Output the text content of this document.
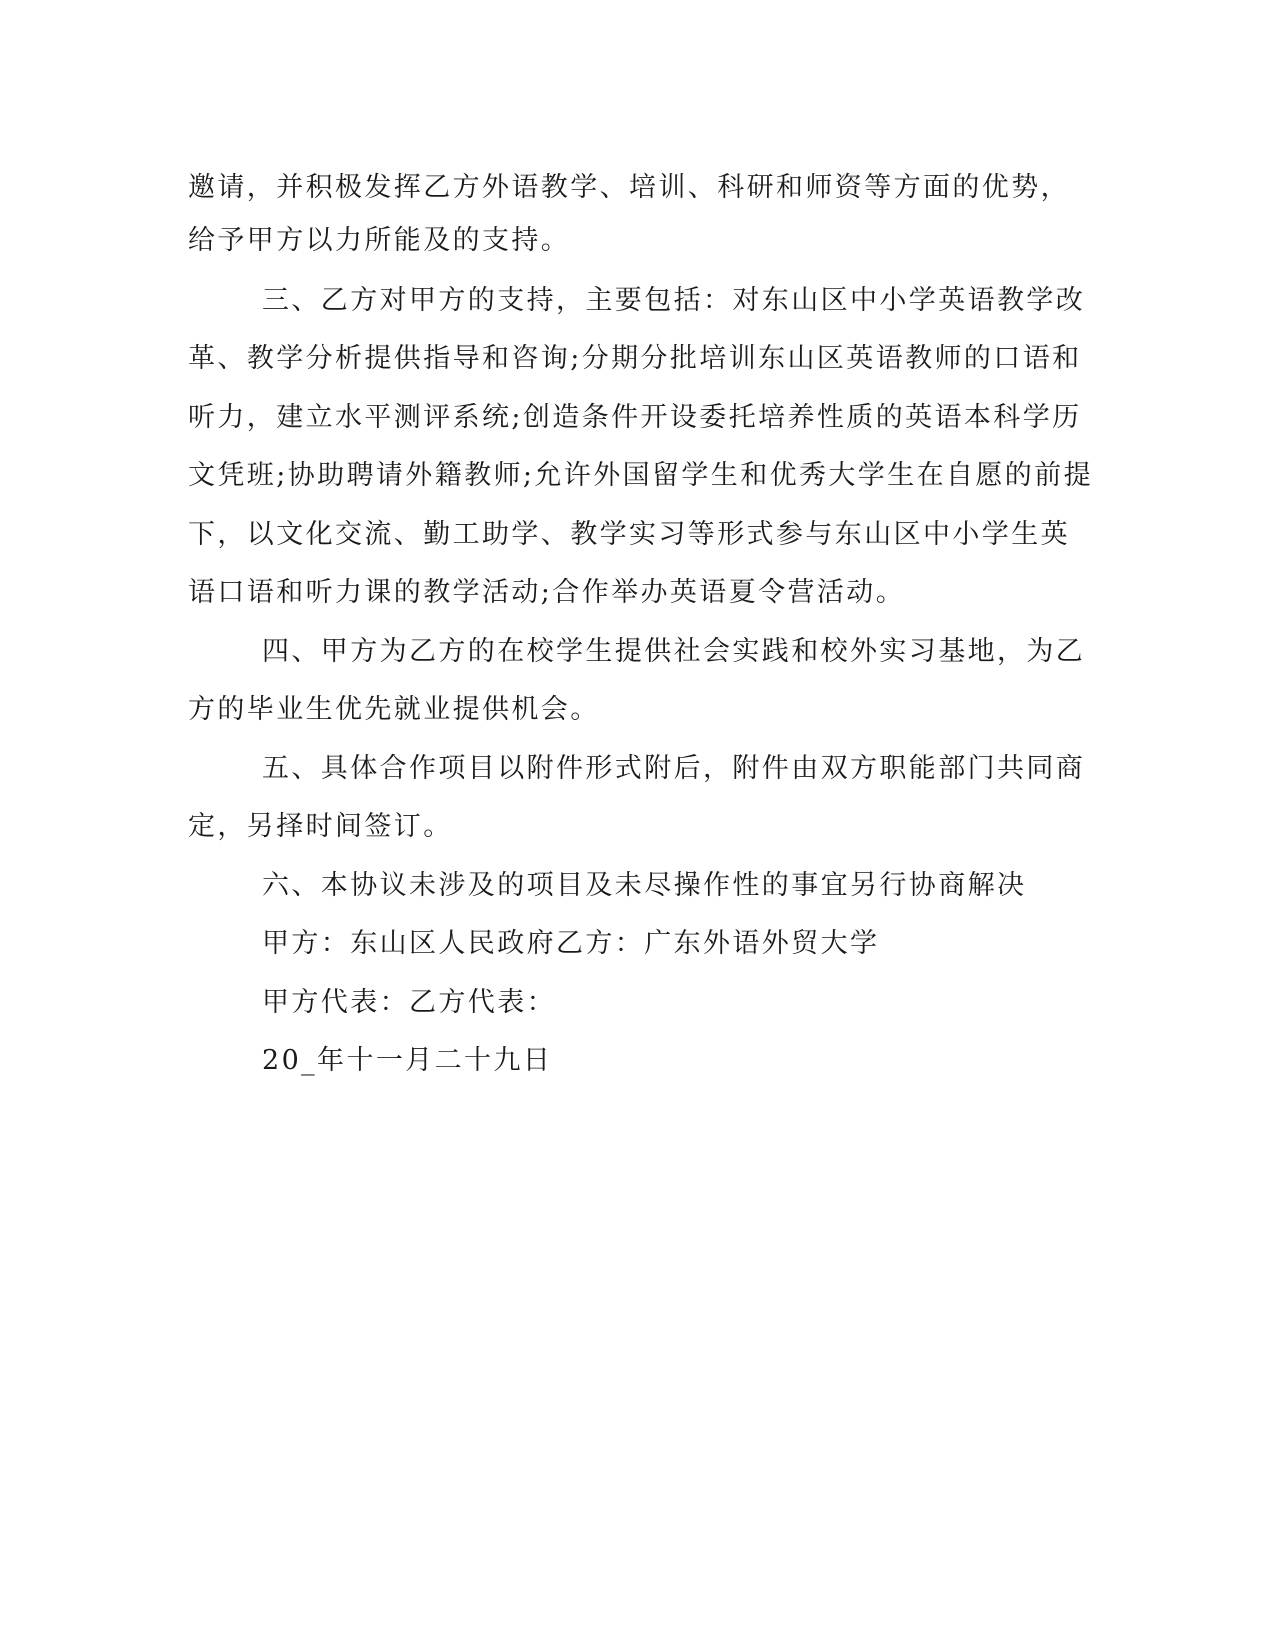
邀请，并积极发挥乙方外语教学、培训、科研和师资等方面的优势，

给予甲方以力所能及的支持。

三、乙方对甲方的支持，主要包括：对东山区中小学英语教学改

革、教学分析提供指导和咨询;分期分批培训东山区英语教师的口语和

听力，建立水平测评系统;创造条件开设委托培养性质的英语本科学历

文凭班;协助聘请外籍教师;允许外国留学生和优秀大学生在自愿的前提

下，以文化交流、勤工助学、教学实习等形式参与东山区中小学生英

语口语和听力课的教学活动;合作举办英语夏令营活动。

四、甲方为乙方的在校学生提供社会实践和校外实习基地，为乙

方的毕业生优先就业提供机会。

五、具体合作项目以附件形式附后，附件由双方职能部门共同商

定，另择时间签订。

六、本协议未涉及的项目及未尽操作性的事宜另行协商解决

甲方：东山区人民政府乙方：广东外语外贸大学

甲方代表：乙方代表：

20_年十一月二十九日
